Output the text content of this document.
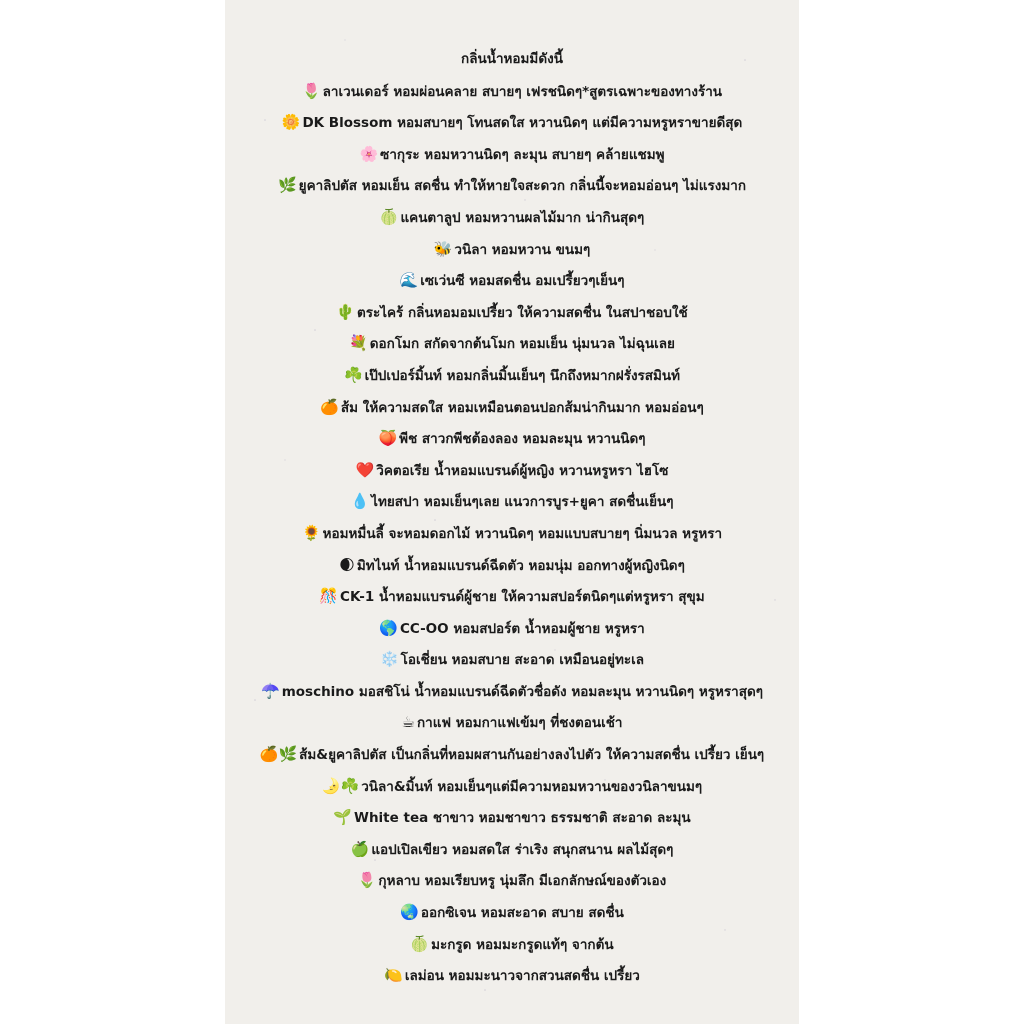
กลิ่นน้ำหอมมีดังนี้
🌷 ลาเวนเดอร์ หอมผ่อนคลาย สบายๆ เฟรชนิดๆ*สูตรเฉพาะของทางร้าน
🌼 DK Blossom หอมสบายๆ โทนสดใส หวานนิดๆ แต่มีความหรูหราขายดีสุด
🌸 ซากุระ หอมหวานนิดๆ ละมุน สบายๆ คล้ายแชมพู
🌿 ยูคาลิปตัส หอมเย็น สดชื่น ทำให้หายใจสะดวก กลิ่นนี้จะหอมอ่อนๆ ไม่แรงมาก
🍈 แคนตาลูป หอมหวานผลไม้มาก น่ากินสุดๆ
🐝 วนิลา หอมหวาน ขนมๆ
🌊 เซเว่นซี หอมสดชื่น อมเปรี้ยวๆเย็นๆ
🌵 ตระไคร้ กลิ่นหอมอมเปรี้ยว ให้ความสดชื่น ในสปาชอบใช้
💐 ดอกโมก สกัดจากต้นโมก หอมเย็น นุ่มนวล ไม่ฉุนเลย
☘️ เป๊ปเปอร์มิ้นท์ หอมกลิ่นมิ้นเย็นๆ นึกถึงหมากฝรั่งรสมินท์
🍊 ส้ม ให้ความสดใส หอมเหมือนตอนปอกส้มน่ากินมาก หอมอ่อนๆ
🍑 พีช สาวกพีชต้องลอง หอมละมุน หวานนิดๆ
❤️ วิคตอเรีย น้ำหอมแบรนด์ผู้หญิง หวานหรูหรา ไฮโซ
💧 ไทยสปา หอมเย็นๆเลย แนวการบูร+ยูคา สดชื่นเย็นๆ
🌻 หอมหมื่นลี้ จะหอมดอกไม้ หวานนิดๆ หอมแบบสบายๆ นิ่มนวล หรูหรา
🌒 มิทไนท์ น้ำหอมแบรนด์ฉีดตัว หอมนุ่ม ออกทางผู้หญิงนิดๆ
🎊 CK-1 น้ำหอมแบรนด์ผู้ชาย ให้ความสปอร์ตนิดๆแต่หรูหรา สุขุม
🌎 CC-OO หอมสปอร์ต น้ำหอมผู้ชาย หรูหรา
❄️ โอเชี่ยน หอมสบาย สะอาด เหมือนอยู่ทะเล
☂️ moschino มอสชิโน่ น้ำหอมแบรนด์ฉีดตัวชื่อดัง หอมละมุน หวานนิดๆ หรูหราสุดๆ
☕ กาแฟ หอมกาแฟเข้มๆ ที่ชงตอนเช้า
🍊🌿 ส้ม&ยูคาลิปตัส เป็นกลิ่นที่หอมผสานกันอย่างลงไปตัว ให้ความสดชื่น เปรี้ยว เย็นๆ
🌛☘️ วนิลา&มิ้นท์ หอมเย็นๆแต่มีความหอมหวานของวนิลาขนมๆ
🌱 White tea ชาขาว หอมชาขาว ธรรมชาติ สะอาด ละมุน
🍏 แอปเปิลเขียว หอมสดใส ร่าเริง สนุกสนาน ผลไม้สุดๆ
🌷 กุหลาบ หอมเรียบหรู นุ่มลึก มีเอกลักษณ์ของตัวเอง
🌏 ออกซิเจน หอมสะอาด สบาย สดชื่น
🍈 มะกรูด หอมมะกรูดแท้ๆ จากต้น
🍋 เลม่อน หอมมะนาวจากสวนสดชื่น เปรี้ยว
